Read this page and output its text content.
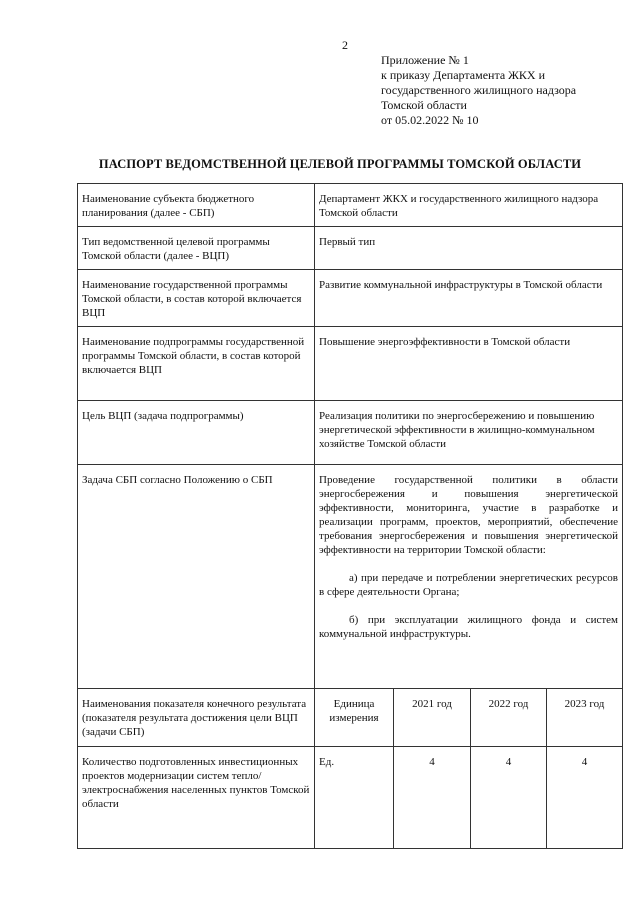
2
Приложение № 1
к приказу Департамента ЖКХ и
государственного жилищного надзора
Томской области
от 05.02.2022 № 10
ПАСПОРТ ВЕДОМСТВЕННОЙ ЦЕЛЕВОЙ ПРОГРАММЫ ТОМСКОЙ ОБЛАСТИ
Наименование субъекта бюджетного планирования (далее - СБП)	Департамент ЖКХ и государственного жилищного надзора Томской области			
Тип ведомственной целевой программы Томской области (далее - ВЦП)	Первый тип			
Наименование государственной программы Томской области, в состав которой включается ВЦП	Развитие коммунальной инфраструктуры в Томской области			
Наименование подпрограммы государственной программы Томской области, в состав которой включается ВЦП	Повышение энергоэффективности в Томской области			
Цель ВЦП (задача подпрограммы)	Реализация политики по энергосбережению и повышению энергетической эффективности в жилищно-коммунальном хозяйстве Томской области			
Задача СБП согласно Положению о СБП	Проведение государственной политики в области энергосбережения и повышения энергетической эффективности, мониторинга, участие в разработке и реализации программ, проектов, мероприятий, обеспечение требования энергосбережения и повышения энергетической эффективности на территории Томской области:

а) при передаче и потреблении энергетических ресурсов в сфере деятельности Органа;

б) при эксплуатации жилищного фонда и систем коммунальной инфраструктуры.			

Наименования показателя конечного результата (показателя результата достижения цели ВЦП (задачи СБП)	Единица измерения	2021 год	2022 год	2023 год
Количество подготовленных инвестиционных проектов модернизации систем тепло/электроснабжения населенных пунктов Томской области	Ед.	4	4	4
